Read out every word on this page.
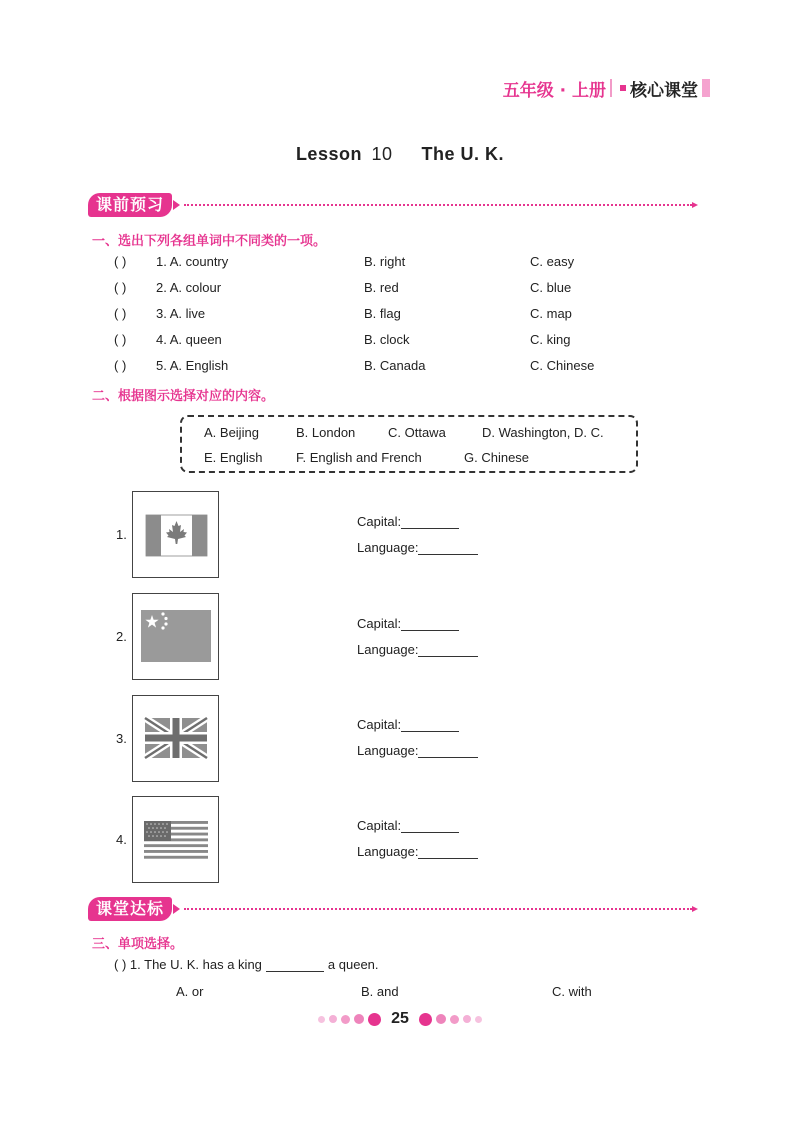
五年级 · 上册 核心课堂
Lesson 10 The U. K.
课前预习
一、选出下列各组单词中不同类的一项。
( )	1. A. country	B. right	C. easy
( )	2. A. colour	B. red	C. blue
( )	3. A. live	B. flag	C. map
( )	4. A. queen	B. clock	C. king
( )	5. A. English	B. Canada	C. Chinese
二、根据图示选择对应的内容。
A. Beijing	B. London	C. Ottawa	D. Washington, D. C.
E. English	F. English and French	G. Chinese
1.
Capital:
Language:
2.
Capital:
Language:
3.
Capital:
Language:
4.
Capital:
Language:
课堂达标
三、单项选择。
( ) 1. The U. K. has a king	a queen.
A. or	B. and	C. with
25
